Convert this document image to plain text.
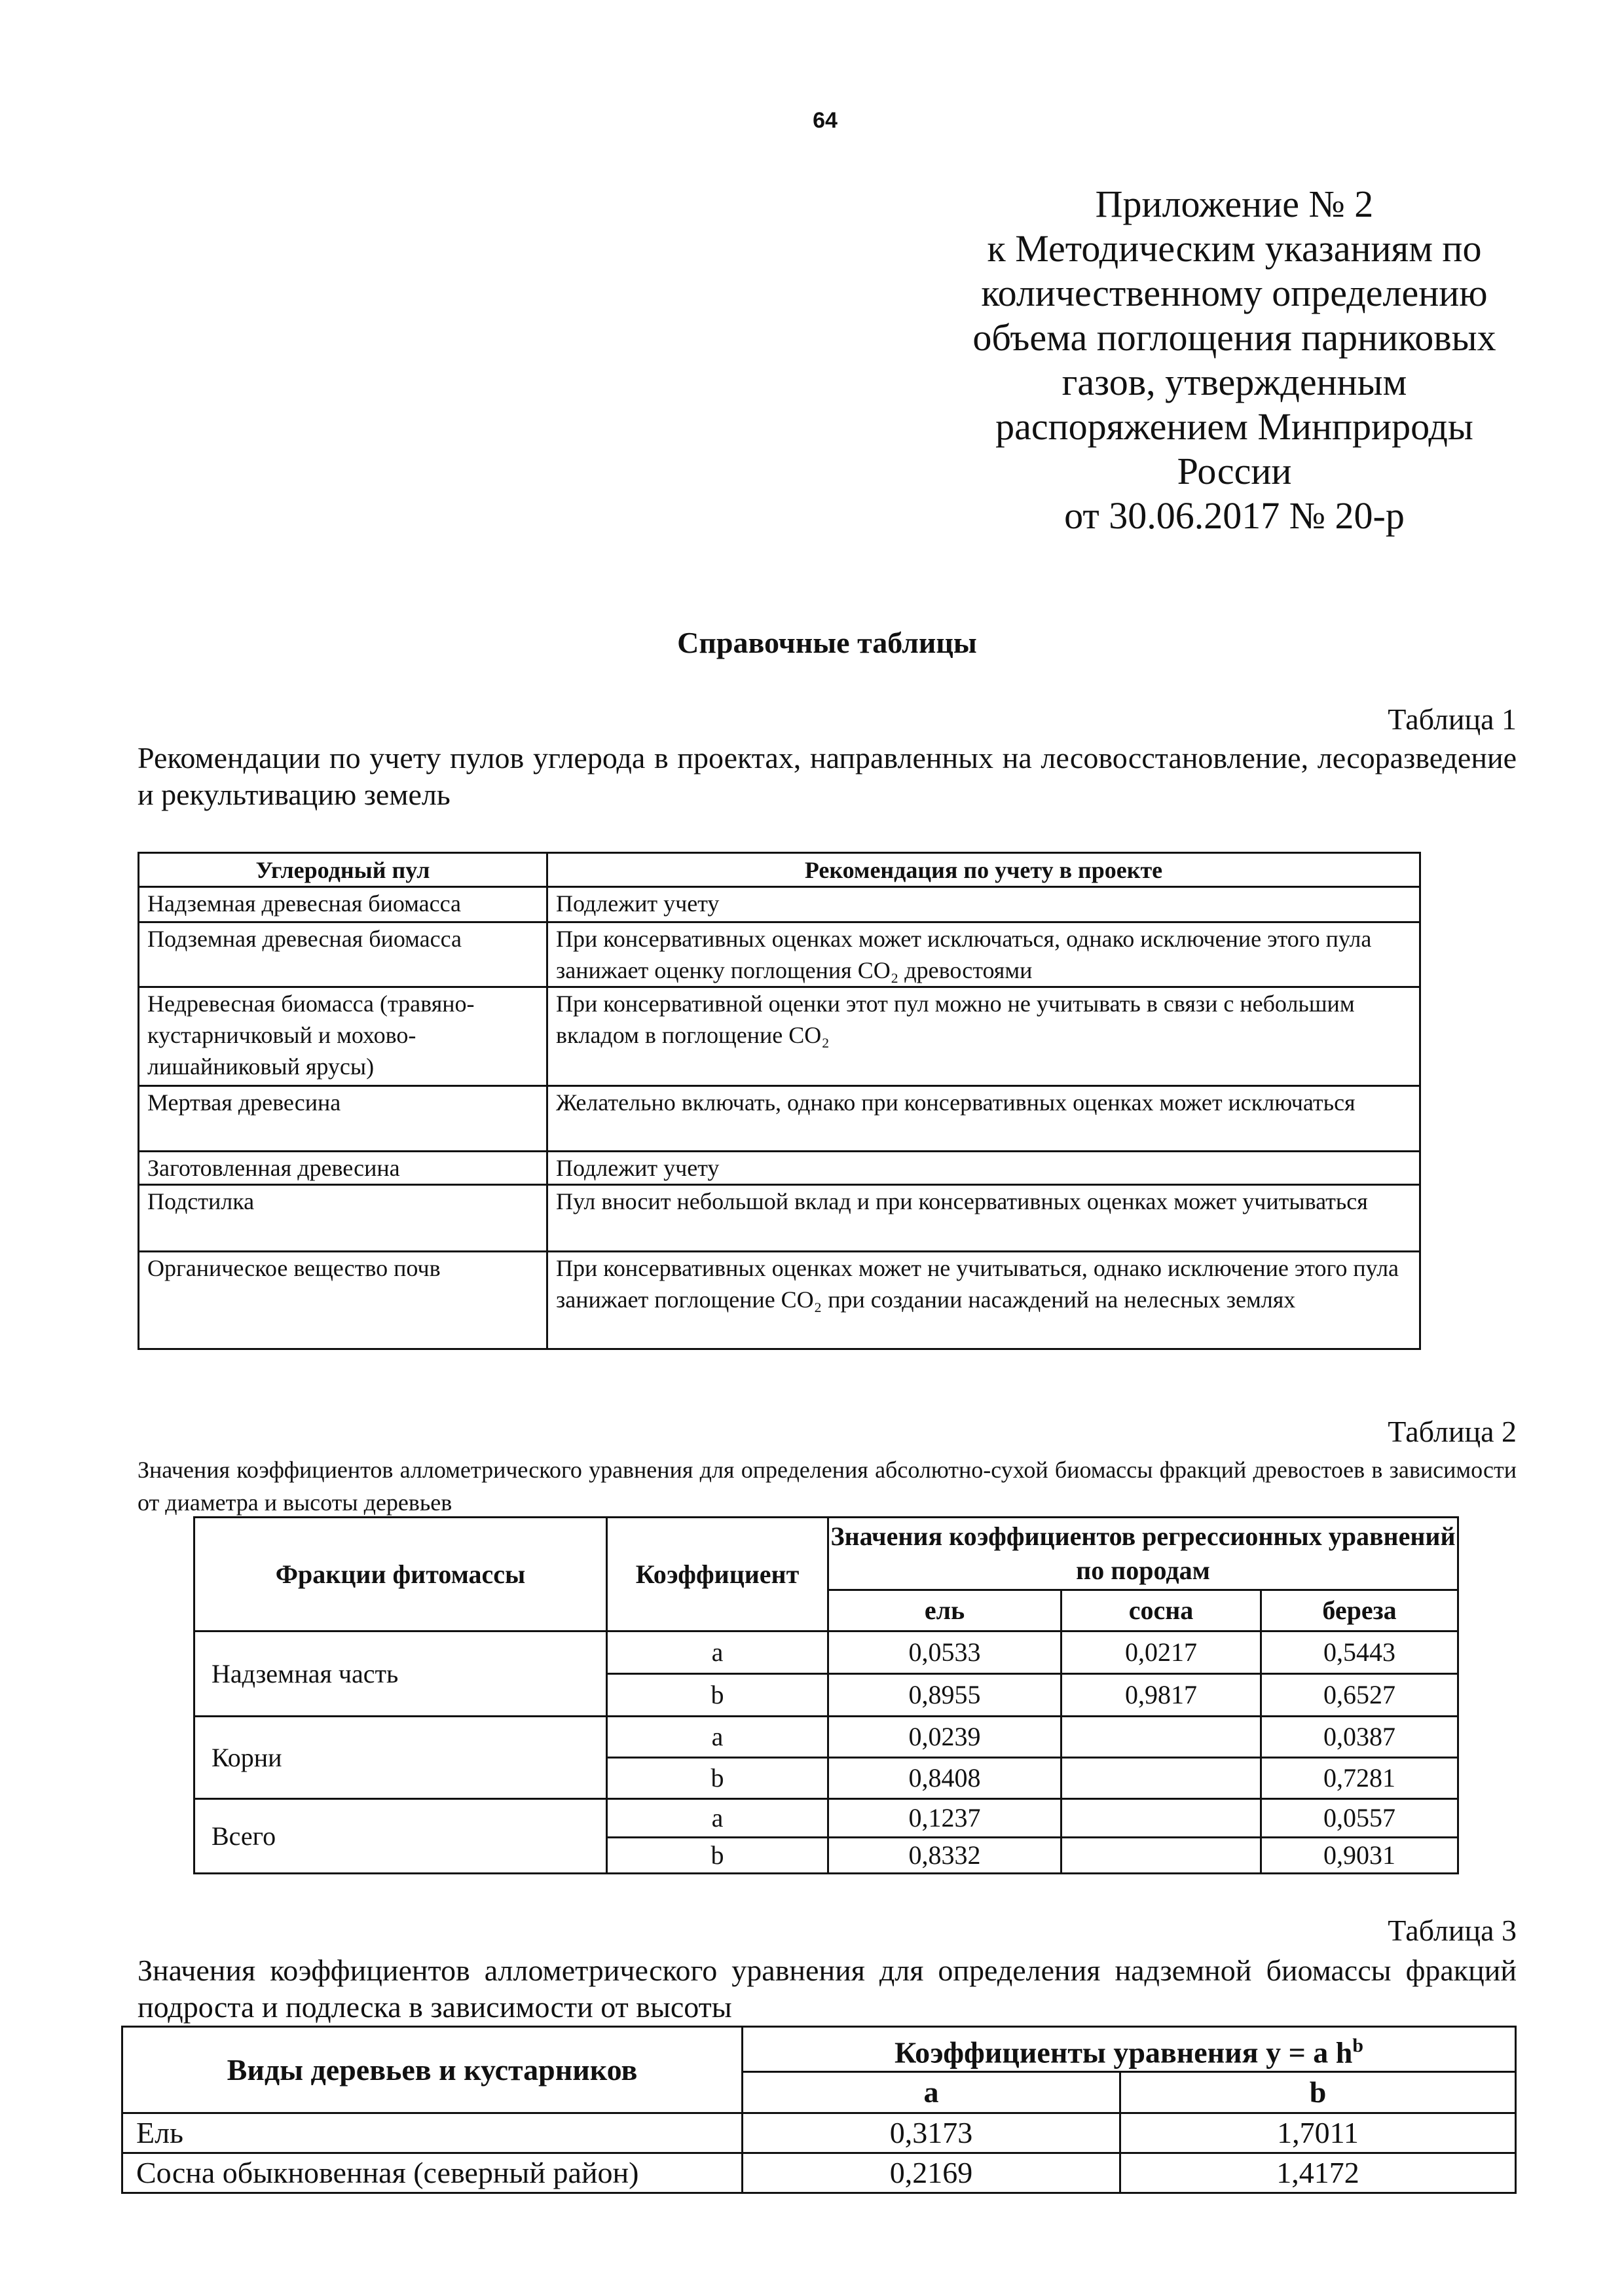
64
Приложение № 2
к Методическим указаниям по
количественному определению
объема поглощения парниковых
газов, утвержденным
распоряжением Минприроды
России
от 30.06.2017 № 20-р
Справочные таблицы
Таблица 1
Рекомендации по учету пулов углерода в проектах, направленных на лесовосстановление, лесоразведение и рекультивацию земель
Углеродный пул	Рекомендация по учету в проекте
Надземная древесная биомасса	Подлежит учету
Подземная древесная биомасса	При консервативных оценках может исключаться, однако исключение этого пула занижает оценку поглощения CO₂ древостоями
Недревесная биомасса (травяно-кустарничковый и мохово-лишайниковый ярусы)	При консервативной оценки этот пул можно не учитывать в связи с небольшим вкладом в поглощение CO₂
Мертвая древесина	Желательно включать, однако при консервативных оценках может исключаться
Заготовленная древесина	Подлежит учету
Подстилка	Пул вносит небольшой вклад и при консервативных оценках может учитываться
Органическое вещество почв	При консервативных оценках может не учитываться, однако исключение этого пула занижает поглощение CO₂ при создании насаждений на нелесных землях
Таблица 2
Значения коэффициентов аллометрического уравнения для определения абсолютно-сухой биомассы фракций древостоев в зависимости от диаметра и высоты деревьев
Фракции фитомассы	Коэффициент	Значения коэффициентов регрессионных уравнений по породам		
		ель	сосна	береза
Надземная часть	a	0,0533	0,0217	0,5443
	b	0,8955	0,9817	0,6527
Корни	a	0,0239		0,0387
	b	0,8408		0,7281
Всего	a	0,1237		0,0557
	b	0,8332		0,9031
Таблица 3
Значения коэффициентов аллометрического уравнения для определения надземной биомассы фракций подроста и подлеска в зависимости от высоты
Виды деревьев и кустарников	Коэффициенты уравнения y = a $h^b$
	a	b
Ель	0,3173	1,7011
Сосна обыкновенная (северный район)	0,2169	1,4172
